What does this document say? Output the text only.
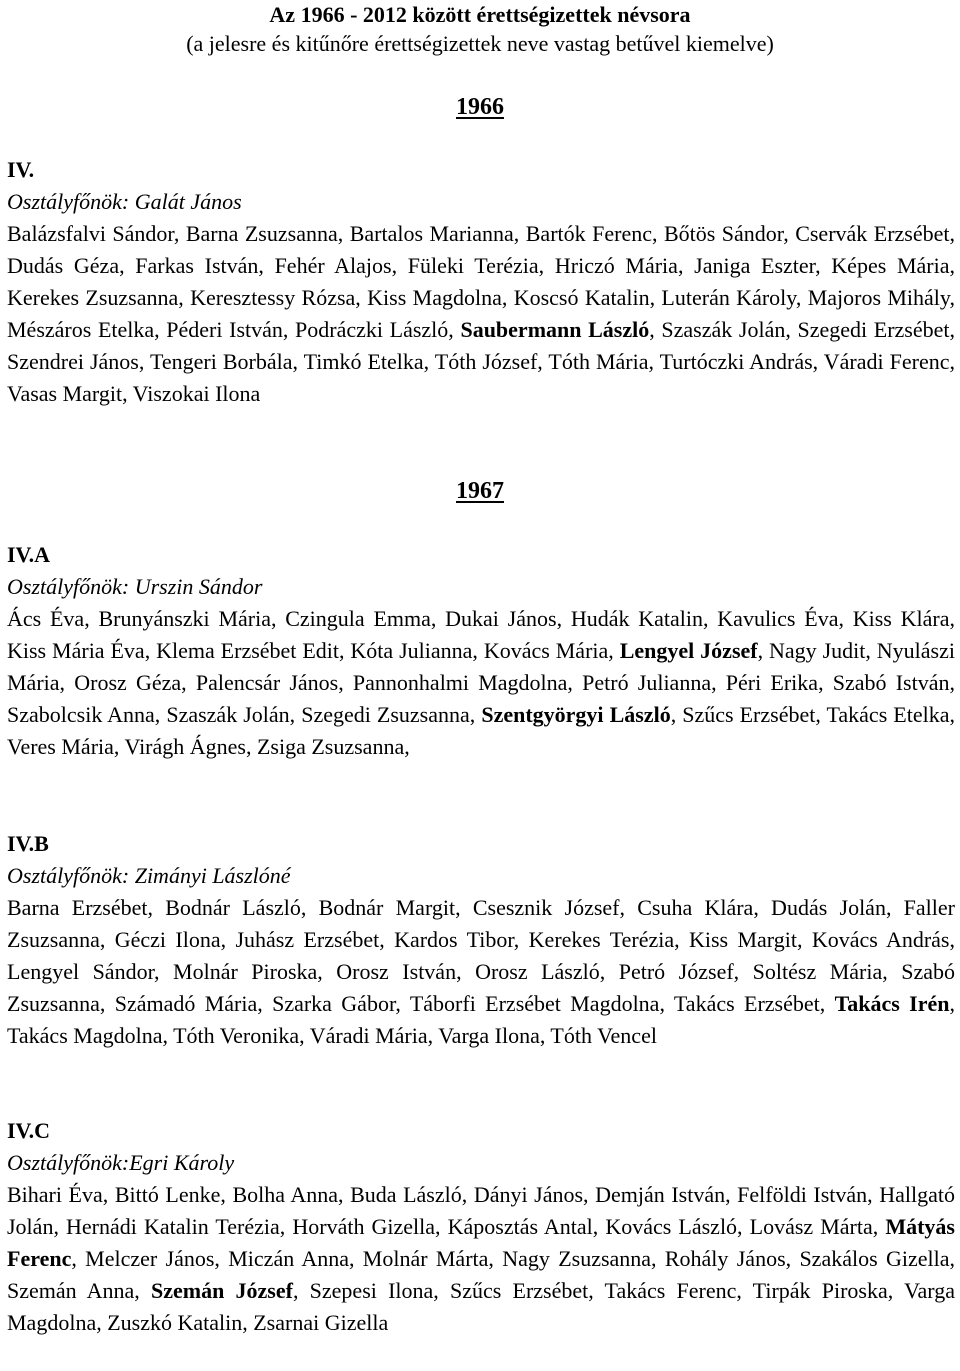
Az 1966 - 2012 között érettségizettek névsora
(a jelesre és kitűnőre érettségizettek neve vastag betűvel kiemelve)
1966
IV.
Osztályfőnök: Galát János

Balázsfalvi Sándor, Barna Zsuzsanna, Bartalos Marianna, Bartók Ferenc, Bőtös Sándor, Cservák Erzsébet, Dudás Géza, Farkas István, Fehér Alajos, Füleki Terézia, Hriczó Mária, Janiga Eszter, Képes Mária, Kerekes Zsuzsanna, Keresztessy Rózsa, Kiss Magdolna, Koscsó Katalin, Luterán Károly, Majoros Mihály, Mészáros Etelka, Péderi István, Podráczki László, Saubermann László, Szaszák Jolán, Szegedi Erzsébet, Szendrei János, Tengeri Borbála, Timkó Etelka, Tóth József, Tóth Mária, Turtóczki András, Váradi Ferenc, Vasas Margit, Viszokai Ilona

1967
IV.A
Osztályfőnök: Urszin Sándor

Ács Éva, Brunyánszki Mária, Czingula Emma, Dukai János, Hudák Katalin, Kavulics Éva, Kiss Klára, Kiss Mária Éva, Klema Erzsébet Edit, Kóta Julianna, Kovács Mária, Lengyel József, Nagy Judit, Nyulászi Mária, Orosz Géza, Palencsár János, Pannonhalmi Magdolna, Petró Julianna, Péri Erika, Szabó István, Szabolcsik Anna, Szaszák Jolán, Szegedi Zsuzsanna, Szentgyörgyi László, Szűcs Erzsébet, Takács Etelka, Veres Mária, Virágh Ágnes, Zsiga Zsuzsanna,

IV.B
Osztályfőnök: Zimányi Lászlóné

Barna Erzsébet, Bodnár László, Bodnár Margit, Csesznik József, Csuha Klára, Dudás Jolán, Faller Zsuzsanna, Géczi Ilona, Juhász Erzsébet, Kardos Tibor, Kerekes Terézia, Kiss Margit, Kovács András, Lengyel Sándor, Molnár Piroska, Orosz István, Orosz László, Petró József, Soltész Mária, Szabó Zsuzsanna, Számadó Mária, Szarka Gábor, Táborfi Erzsébet Magdolna, Takács Erzsébet, Takács Irén, Takács Magdolna, Tóth Veronika, Váradi Mária, Varga Ilona, Tóth Vencel

IV.C
Osztályfőnök:Egri Károly

Bihari Éva, Bittó Lenke, Bolha Anna, Buda László, Dányi János, Demján István, Felföldi István, Hallgató Jolán, Hernádi Katalin Terézia, Horváth Gizella, Káposztás Antal, Kovács László, Lovász Márta, Mátyás Ferenc, Melczer János, Miczán Anna, Molnár Márta, Nagy Zsuzsanna, Rohály János, Szakálos Gizella, Szemán Anna, Szemán József, Szepesi Ilona, Szűcs Erzsébet, Takács Ferenc, Tirpák Piroska, Varga Magdolna, Zuszkó Katalin, Zsarnai Gizella
